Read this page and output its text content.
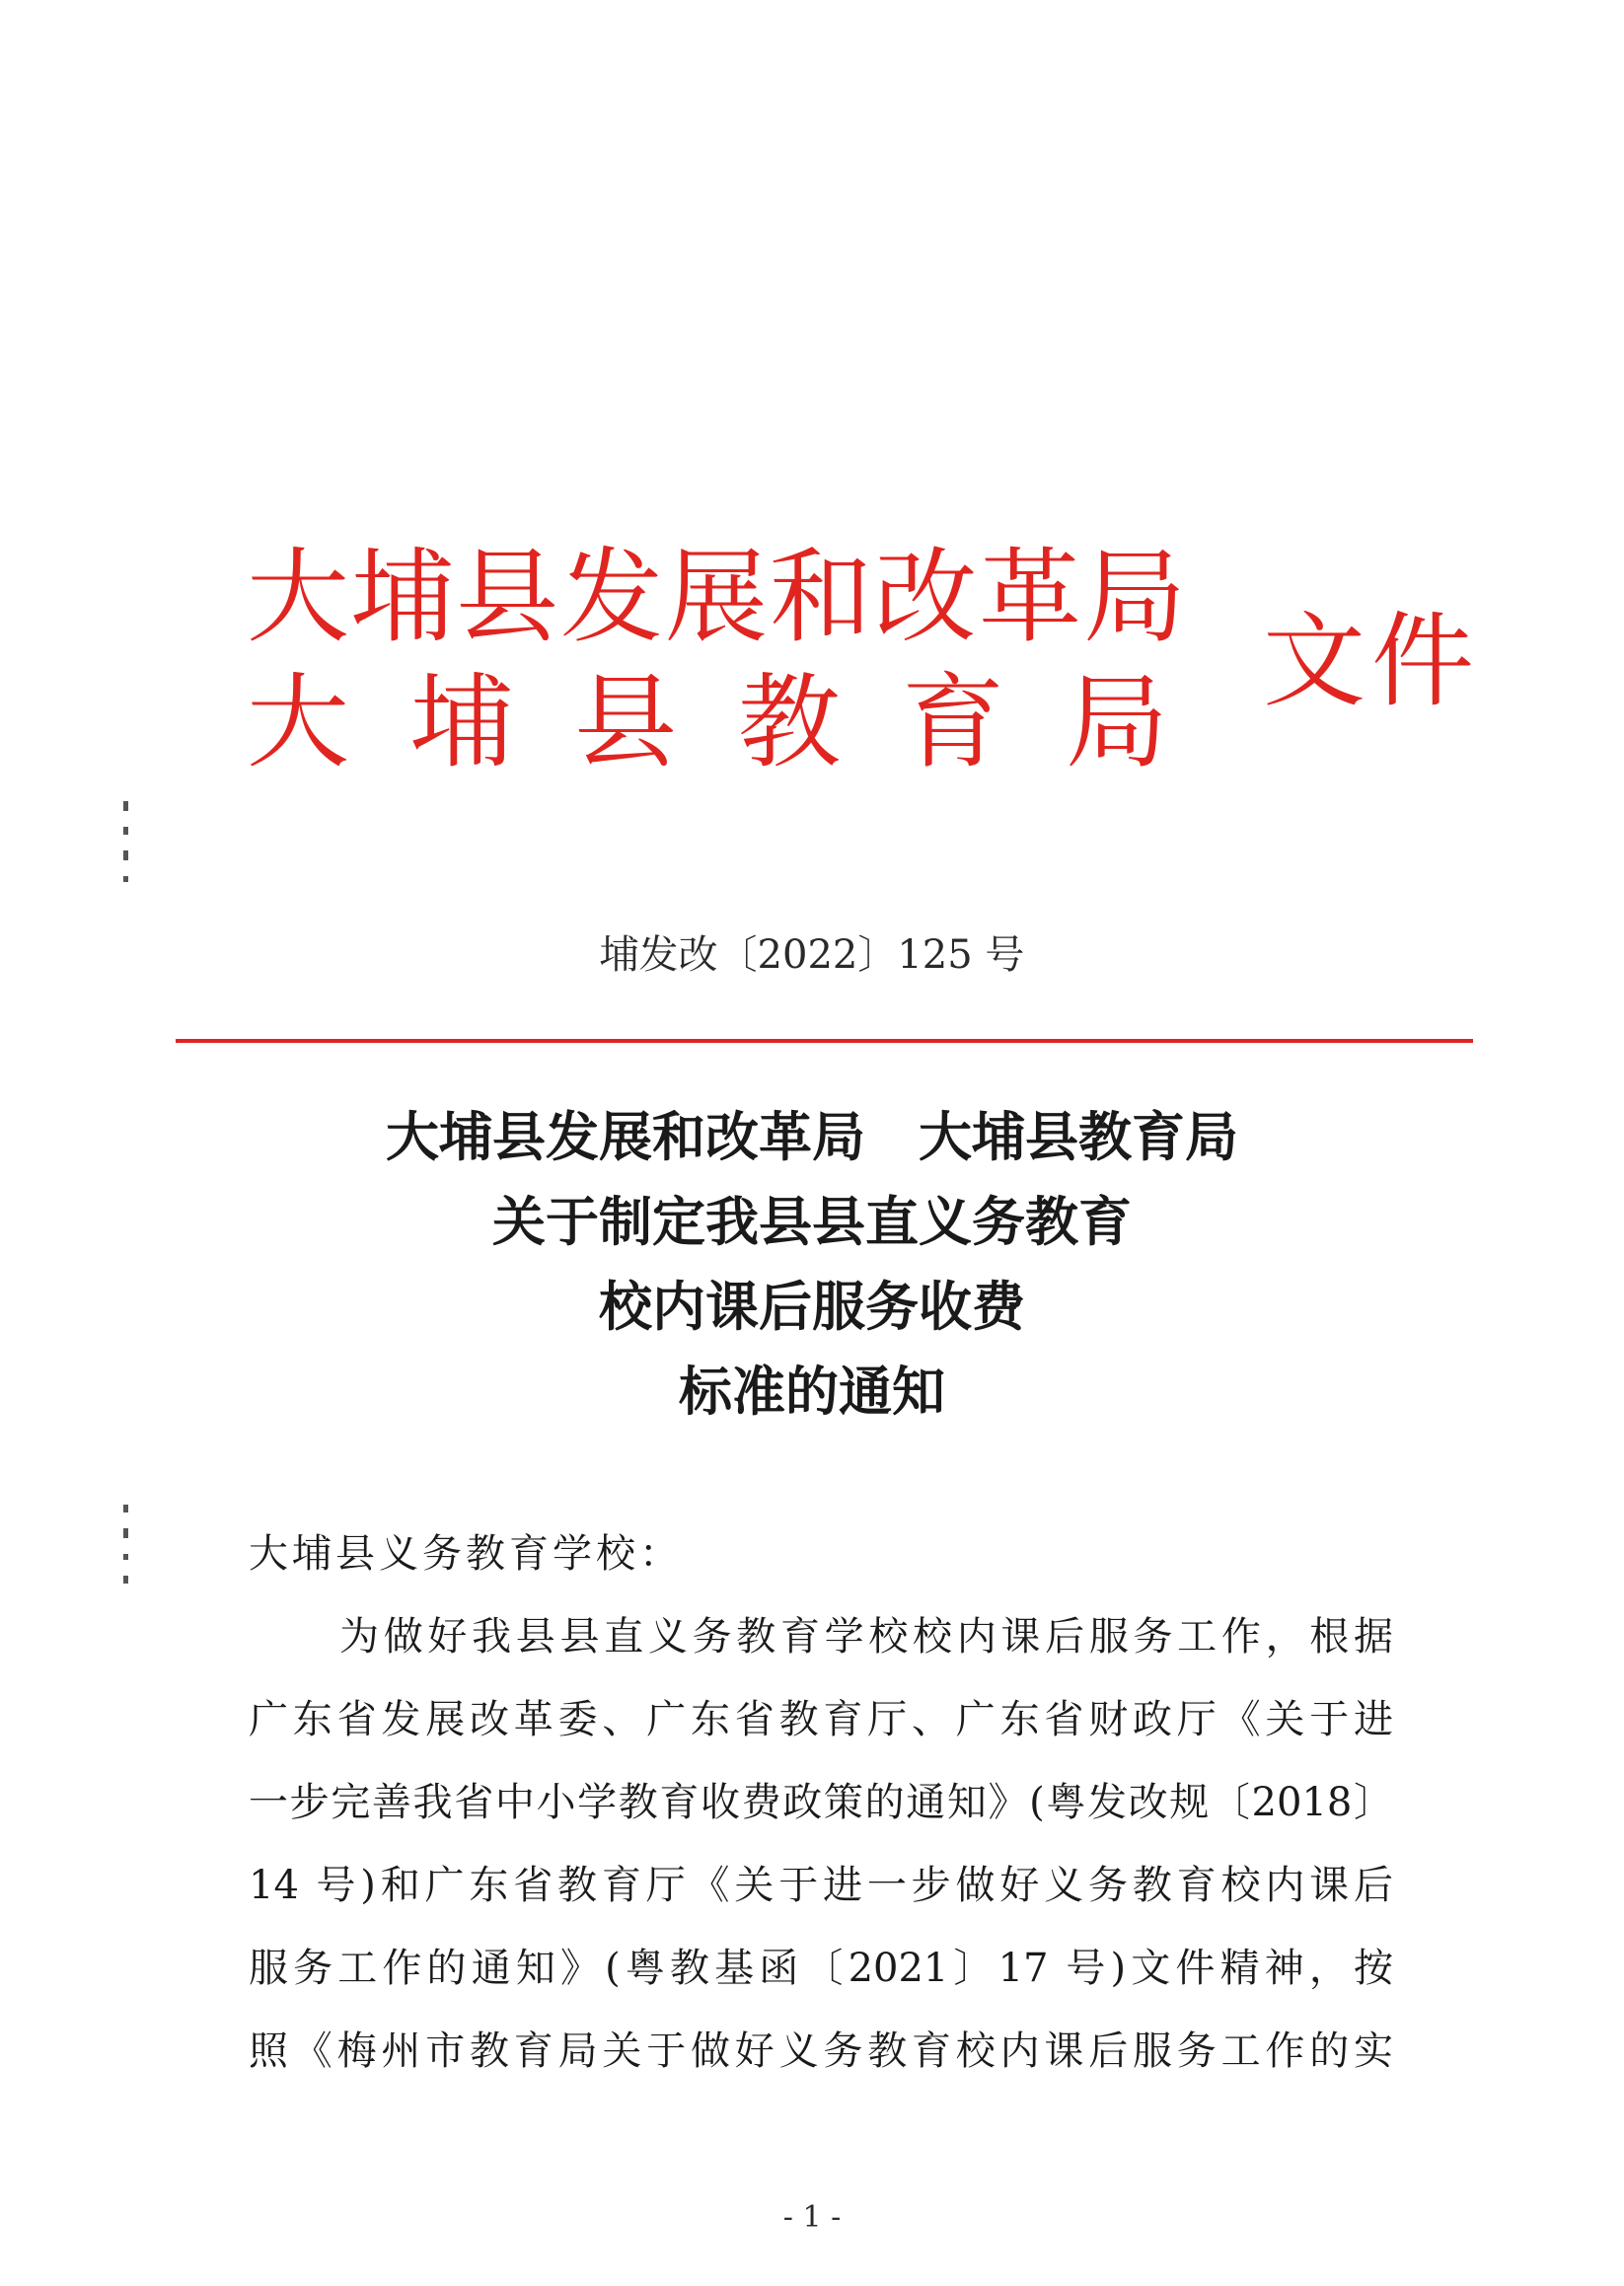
大埔县发展和改革局
大埔县教育局
文件
埔发改〔2022〕125 号
大埔县发展和改革局　大埔县教育局
关于制定我县县直义务教育
校内课后服务收费
标准的通知
大埔县义务教育学校：
为做好我县县直义务教育学校校内课后服务工作，根据
广东省发展改革委、广东省教育厅、广东省财政厅《关于进
一步完善我省中小学教育收费政策的通知》(粤发改规〔2018〕
14 号)和广东省教育厅《关于进一步做好义务教育校内课后
服务工作的通知》(粤教基函〔2021〕17 号)文件精神，按
照《梅州市教育局关于做好义务教育校内课后服务工作的实
- 1 -
